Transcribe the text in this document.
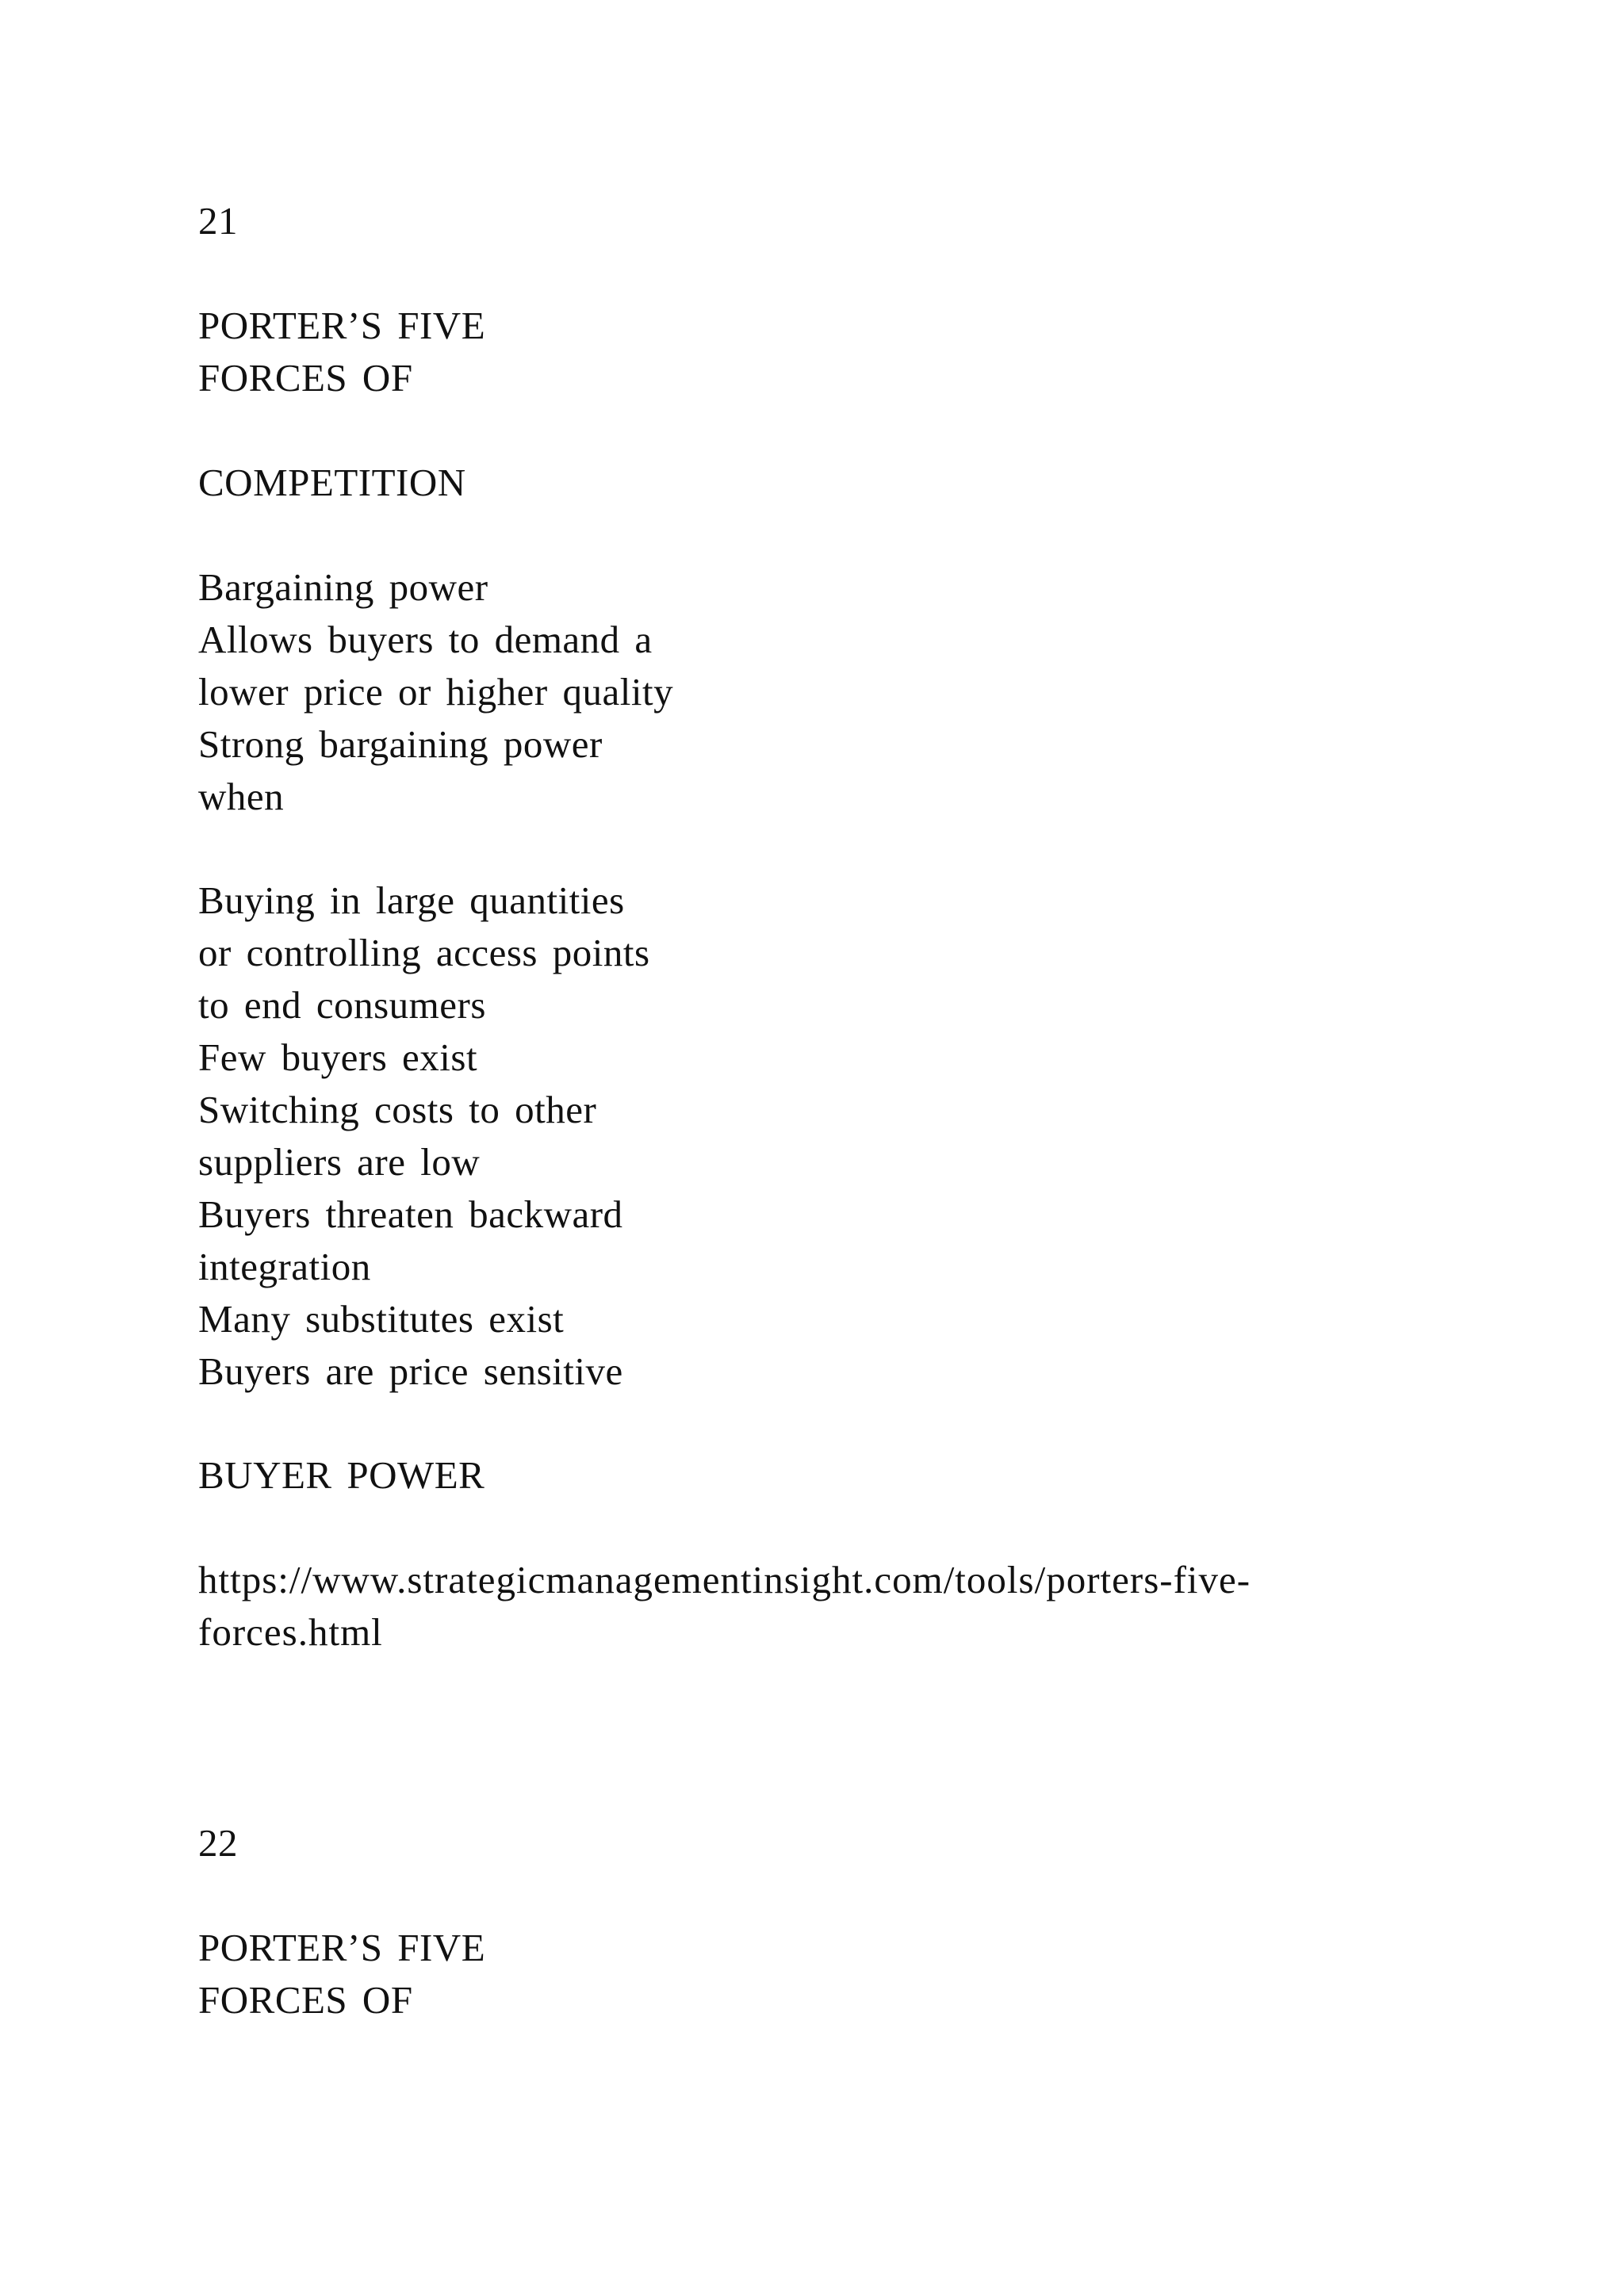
21
PORTER’S FIVE
FORCES OF
COMPETITION
Bargaining power
Allows buyers to demand a
lower price or higher quality
Strong bargaining power
when
Buying in large quantities
or controlling access points
to end consumers
Few buyers exist
Switching costs to other
suppliers are low
Buyers threaten backward
integration
Many substitutes exist
Buyers are price sensitive
BUYER POWER
https://www.strategicmanagementinsight.com/tools/porters-five-
forces.html
22
PORTER’S FIVE
FORCES OF
